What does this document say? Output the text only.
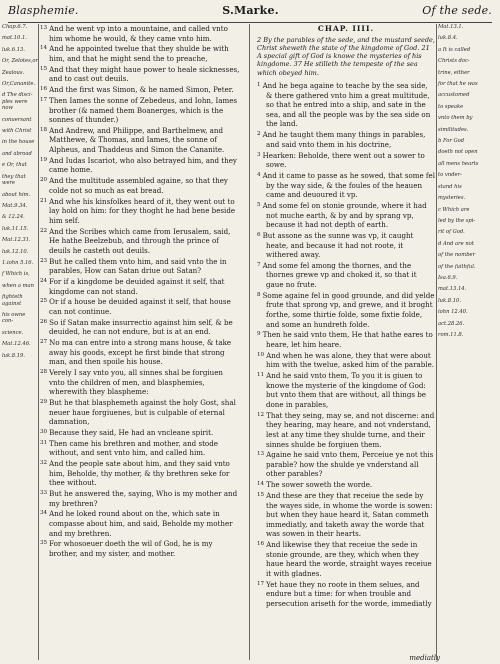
Blasphemie.	S.Marke.	Of the sede.
Chap.6.7.
mat.10.1.
luk.6.13.
Or, Zelotes,or
Zealous.
Or,Cananite.
d The disci-ples were now
conuersant
with Christ
in the house
and abroad
e Or, that
they that were
about him.
Mat.9.34.
& 12.24.
luk.11.15.
Mat.12.31.
luk.12.10.
1.iohn 5.16.
f Which is,
when a man
fighteth against
his owne con-
science.
Mat.12.46.
luk.8.19.

$^{13}$ And he went vp into a mountaine, and called vnto him whome he would, & they came vnto him.

$^{14}$ And he appointed twelue that they shulde be with him, and that he might send the to preache,

$^{15}$ And that they might haue power to heale sicknesses, and to cast out deuils.

$^{16}$ And the first was Simon, & he named Simon, Peter.

$^{17}$ Then Iames the sonne of Zebedeus, and Iohn, Iames brother (& named them Boanerges, which is the sonnes of thunder.)

$^{18}$ And Andrew, and Philippe, and Barthelmew, and Matthewe, & Thomas, and Iames, the sonne of Alpheus, and Thaddeus and Simon the Cananite.

$^{19}$ And Iudas Iscariot, who also betrayed him, and they came home.

$^{20}$ And the multitude assembled againe, so that they colde not so much as eat bread.

$^{21}$ And whe his kinsfolkes heard of it, they went out to lay hold on him: for they thoght he had bene beside him self.

$^{22}$ And the Scribes which came from Ierusalem, said, He hathe Beelzebub, and through the prince of deuils he casteth out deuils.

$^{23}$ But he called them vnto him, and said vnto the in parables, How can Satan driue out Satan?

$^{24}$ For if a kingdome be deuided against it self, that kingdome can not stand.

$^{25}$ Or if a house be deuided against it self, that house can not continue.

$^{26}$ So if Satan make insurrectio against him self, & be deuided, he can not endure, but is at an end.

$^{27}$ No ma can entre into a strong mans house, & take away his goods, except he first binde that strong man, and then spoile his house.

$^{28}$ Verely I say vnto you, all sinnes shal be forgiuen vnto the children of men, and blasphemies, wherewith they blaspheme:

$^{29}$ But he that blasphemeth against the holy Gost, shal neuer haue forgiuenes, but is culpable of eternal damnation,

$^{30}$ Because they said, He had an vncleane spirit.

$^{31}$ Then came his brethren and mother, and stode without, and sent vnto him, and called him.

$^{32}$ And the people sate about him, and they said vnto him, Beholde, thy mother, & thy brethren seke for thee without.

$^{33}$ But he answered the, saying, Who is my mother and my brethren?

$^{34}$ And he loked round about on the, which sate in compasse about him, and said, Beholde my mother and my brethren.

$^{35}$ For whosoeuer doeth the wil of God, he is my brother, and my sister, and mother.

CHAP. IIII.
2 By the parables of the sede, and the mustard seede, Christ sheweth the state of the kingdome of God. 21 A special gift of God is knowe the mysteries of his kingdome. 37 He stilleth the tempeste of the sea which obeyed him.

$^1$ And he bega againe to teache by the sea side, & there gathered vnto him a great multitude, so that he entred into a ship, and sate in the sea, and all the people was by the sea side on the land.

$^2$ And he taught them many things in parables, and said vnto them in his doctrine,

$^3$ Hearken: Beholde, there went out a sower to sowe.

$^4$ And it came to passe as he sowed, that some fel by the way side, & the foules of the heauen came and deuoured it vp.

$^5$ And some fel on stonie grounde, where it had not muche earth, & by and by sprang vp, because it had not depth of earth.

$^6$ But assone as the sunne was vp, it caught heate, and because it had not roote, it withered away.

$^7$ And some fel among the thornes, and the thornes grewe vp and choked it, so that it gaue no frute.

$^8$ Some againe fel in good grounde, and did yelde frute that sprong vp, and grewe, and it broght forthe, some thirtie folde, some fixtie folde, and some an hundreth folde.

$^9$ Then he said vnto them, He that hathe eares to heare, let him heare.

$^{10}$ And when he was alone, they that were about him with the twelue, asked him of the parable.

$^{11}$ And he said vnto them, To you it is giuen to knowe the mysterie of the kingdome of God: but vnto them that are without, all things be done in parables,

$^{12}$ That they seing, may se, and not discerne: and they hearing, may heare, and not vnderstand, lest at any time they shulde turne, and their sinnes shulde be forgiuen them.

$^{13}$ Againe he said vnto them, Perceiue ye not this parable? how the shulde ye vnderstand all other parables?

$^{14}$ The sower soweth the worde.

$^{15}$ And these are they that receiue the sede by the wayes side, in whome the worde is sowen: but when they haue heard it, Satan commeth immediatly, and taketh away the worde that was sowen in their hearts.

$^{16}$ And likewise they that receiue the sede in stonie grounde, are they, which when they haue heard the worde, straight wayes receiue it with gladnes.

$^{17}$ Yet haue they no roote in them selues, and endure but a time: for when trouble and persecution ariseth for the worde, immediatly

Mat.13.1.
luk.8.4.
a It is called
Christs doc-
trine, either
for that he was
accustomed
to speake
vnto them by
similitudes.
b For God
doeth not open
all mens hearts
to vnder-
stand his
mysteries.
c Which are
led by the spi-
rit of God.
d And are not
of the nomber
of the faithful.
Isa.6.9.
mat.13.14.
luk.8.10.
iohn 12.40.
act.28.26.
rom.11.8.
mediatly
